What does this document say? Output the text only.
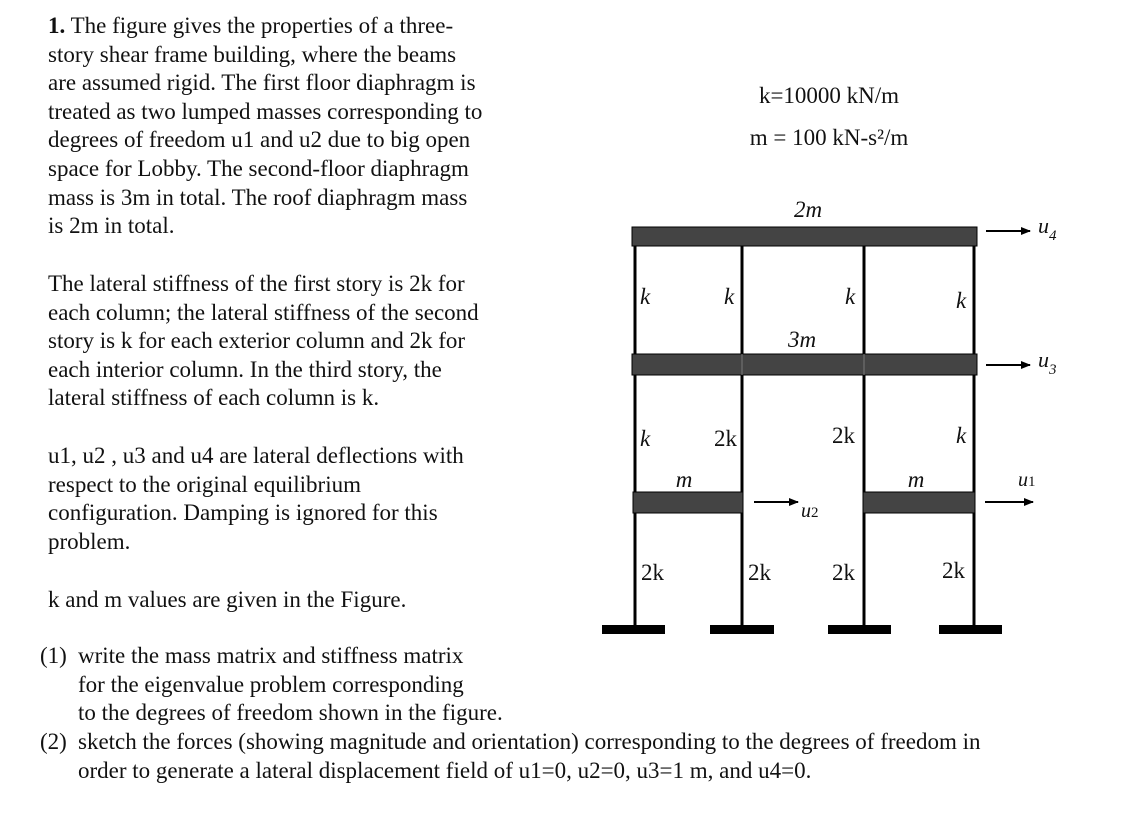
1. The figure gives the properties of a three-
story shear frame building, where the beams
are assumed rigid. The first floor diaphragm is
treated as two lumped masses corresponding to
degrees of freedom u1 and u2 due to big open
space for Lobby. The second-floor diaphragm
mass is 3m in total. The roof diaphragm mass
is 2m in total.
The lateral stiffness of the first story is 2k for
each column; the lateral stiffness of the second
story is k for each exterior column and 2k for
each interior column. In the third story, the
lateral stiffness of each column is k.
u1, u2 , u3 and u4 are lateral deflections with
respect to the original equilibrium
configuration. Damping is ignored for this
problem.
k and m values are given in the Figure.
(1) write the mass matrix and stiffness matrix
for the eigenvalue problem corresponding
to the degrees of freedom shown in the figure.
(2) sketch the forces (showing magnitude and orientation) corresponding to the degrees of freedom in
order to generate a lateral displacement field of u1=0, u2=0, u3=1 m, and u4=0.
k=10000 kN/m
m = 100 kN-s²/m
2m
3m
m	m
k	k	k	k
k	2k	2k	k
2k	2k	2k	2k
$u_4$
$u_3$
u2
u1
